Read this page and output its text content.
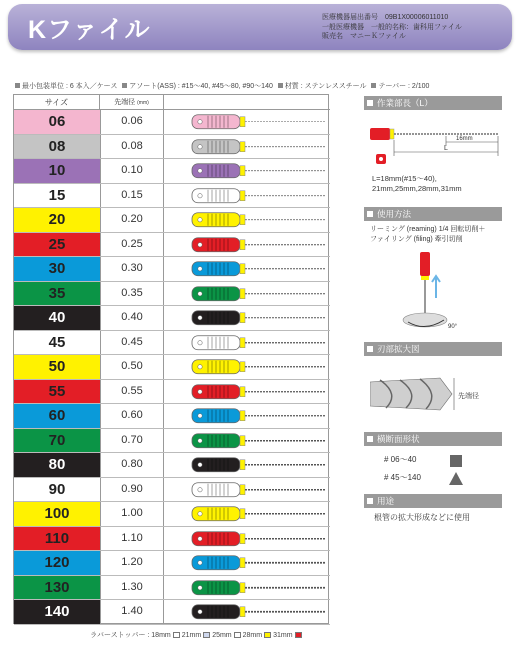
Kファイル	医療機器届出番号　09B1X00006011010
一般医療機器　一般的名称：歯科用ファイル
販売名　マニーＫファイル
最小包装単位 : 6 本入／ケース アソート(ASS) : #15～40, #45～80, #90～140 材質 : ステンレススチール テーパー : 2/100
サイズ	先端径 (mm)
06	0.06
08	0.08
10	0.10
15	0.15
20	0.20
25	0.25
30	0.30
35	0.35
40	0.40
45	0.45
50	0.50
55	0.55
60	0.60
70	0.70
80	0.80
90	0.90
100	1.00
110	1.10
120	1.20
130	1.30
140	1.40
作業部長（L）
16mm
L
L=18mm(#15～40),
21mm,25mm,28mm,31mm
使用方法
リーミング (reaming) 1/4 回転切削＋
ファイリング (filing) 牽引切削
90°
刃部拡大図
先端径
横断面形状
# 06～40
# 45～140
用途
根管の拡大形成などに使用
ラバーストッパー : 18mm 21mm 25mm 28mm 31mm
